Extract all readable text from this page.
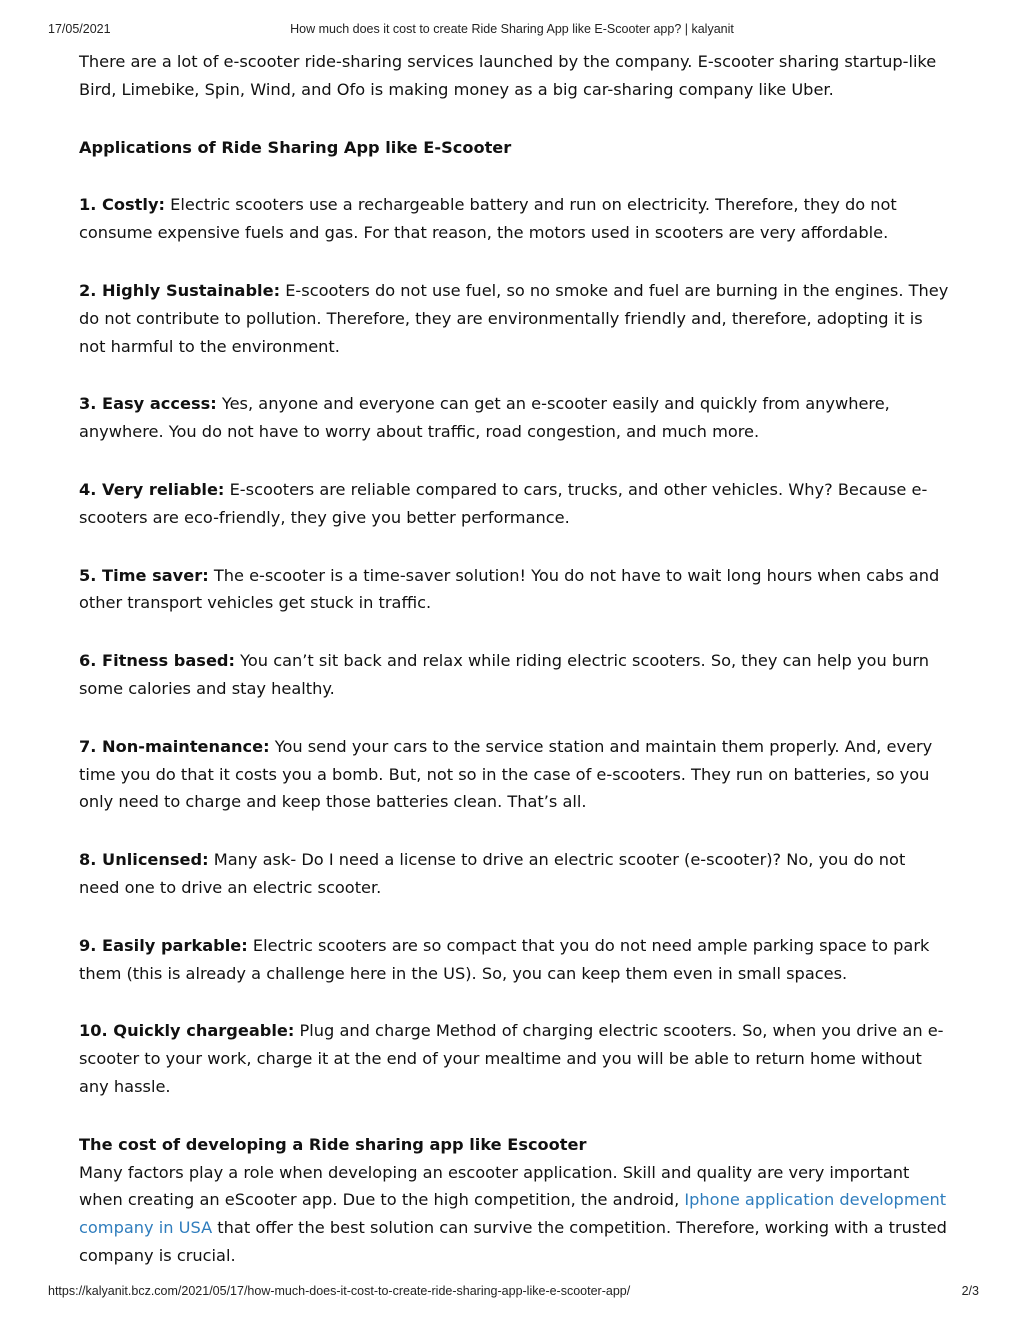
17/05/2021	How much does it cost to create Ride Sharing App like E-Scooter app? | kalyanit

There are a lot of e-scooter ride-sharing services launched by the company. E-scooter sharing startup-like Bird, Limebike, Spin, Wind, and Ofo is making money as a big car-sharing company like Uber.

Applications of Ride Sharing App like E-Scooter

1. Costly: Electric scooters use a rechargeable battery and run on electricity. Therefore, they do not consume expensive fuels and gas. For that reason, the motors used in scooters are very affordable.

2. Highly Sustainable: E-scooters do not use fuel, so no smoke and fuel are burning in the engines. They do not contribute to pollution. Therefore, they are environmentally friendly and, therefore, adopting it is not harmful to the environment.

3. Easy access: Yes, anyone and everyone can get an e-scooter easily and quickly from anywhere, anywhere. You do not have to worry about traffic, road congestion, and much more.

4. Very reliable: E-scooters are reliable compared to cars, trucks, and other vehicles. Why? Because e-scooters are eco-friendly, they give you better performance.

5. Time saver: The e-scooter is a time-saver solution! You do not have to wait long hours when cabs and other transport vehicles get stuck in traffic.

6. Fitness based: You can’t sit back and relax while riding electric scooters. So, they can help you burn some calories and stay healthy.

7. Non-maintenance: You send your cars to the service station and maintain them properly. And, every time you do that it costs you a bomb. But, not so in the case of e-scooters. They run on batteries, so you only need to charge and keep those batteries clean. That’s all.

8. Unlicensed: Many ask- Do I need a license to drive an electric scooter (e-scooter)? No, you do not need one to drive an electric scooter.

9. Easily parkable: Electric scooters are so compact that you do not need ample parking space to park them (this is already a challenge here in the US). So, you can keep them even in small spaces.

10. Quickly chargeable: Plug and charge Method of charging electric scooters. So, when you drive an e-scooter to your work, charge it at the end of your mealtime and you will be able to return home without any hassle.

The cost of developing a Ride sharing app like Escooter

Many factors play a role when developing an escooter application. Skill and quality are very important when creating an eScooter app. Due to the high competition, the android, Iphone application development company in USA that offer the best solution can survive the competition. Therefore, working with a trusted company is crucial.

https://kalyanit.bcz.com/2021/05/17/how-much-does-it-cost-to-create-ride-sharing-app-like-e-scooter-app/	2/3
